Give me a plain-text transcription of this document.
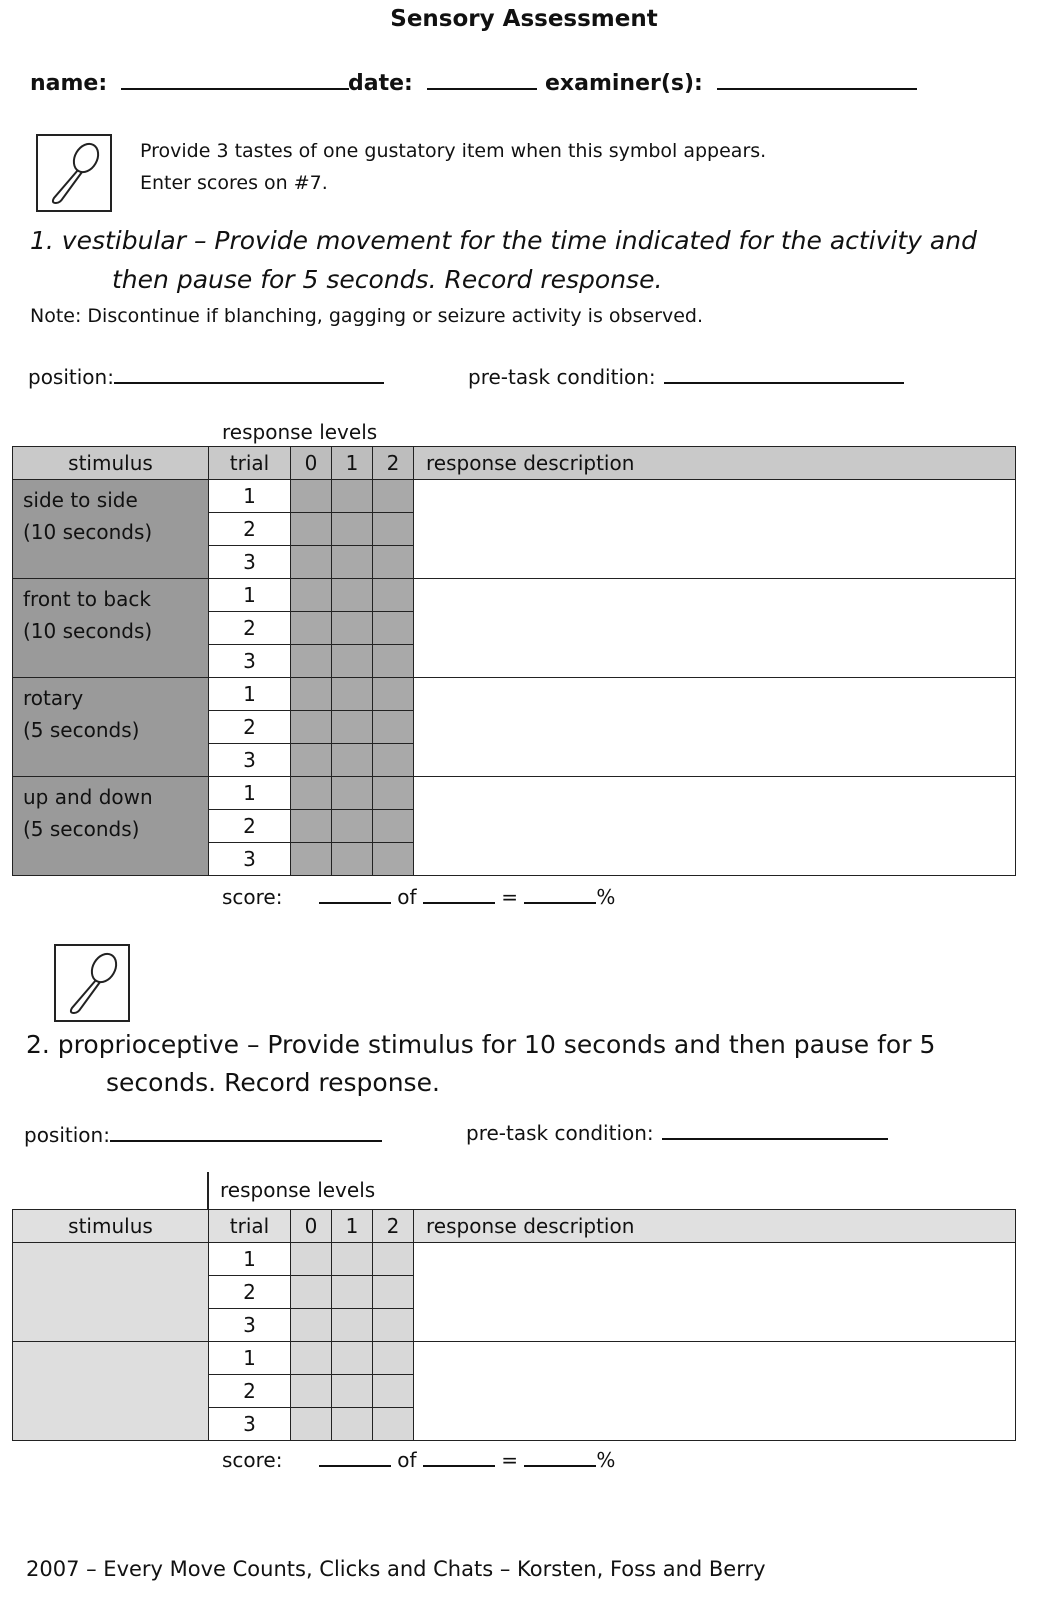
Sensory Assessment
name:	date:	examiner(s):
Provide 3 tastes of one gustatory item when this symbol appears.
Enter scores on #7.
1. vestibular – Provide movement for the time indicated for the activity and
then pause for 5 seconds. Record response.
Note: Discontinue if blanching, gagging or seizure activity is observed.
position:	pre-task condition:
response levels
stimulus	trial	0	1	2	response description

side to side
(10 seconds)	1				
	2				
	3				

front to back
(10 seconds)	1				
	2				
	3				

rotary
(5 seconds)	1				
	2				
	3				

up and down
(5 seconds)	1				
	2				
	3				
score:	of	=	%
2. proprioceptive – Provide stimulus for 10 seconds and then pause for 5
seconds. Record response.
position:	pre-task condition:
response levels
stimulus	trial	0	1	2	response description
	1				
	2				
	3				
	1				
	2				
	3				
score:	of	=	%
2007 – Every Move Counts, Clicks and Chats – Korsten, Foss and Berry
